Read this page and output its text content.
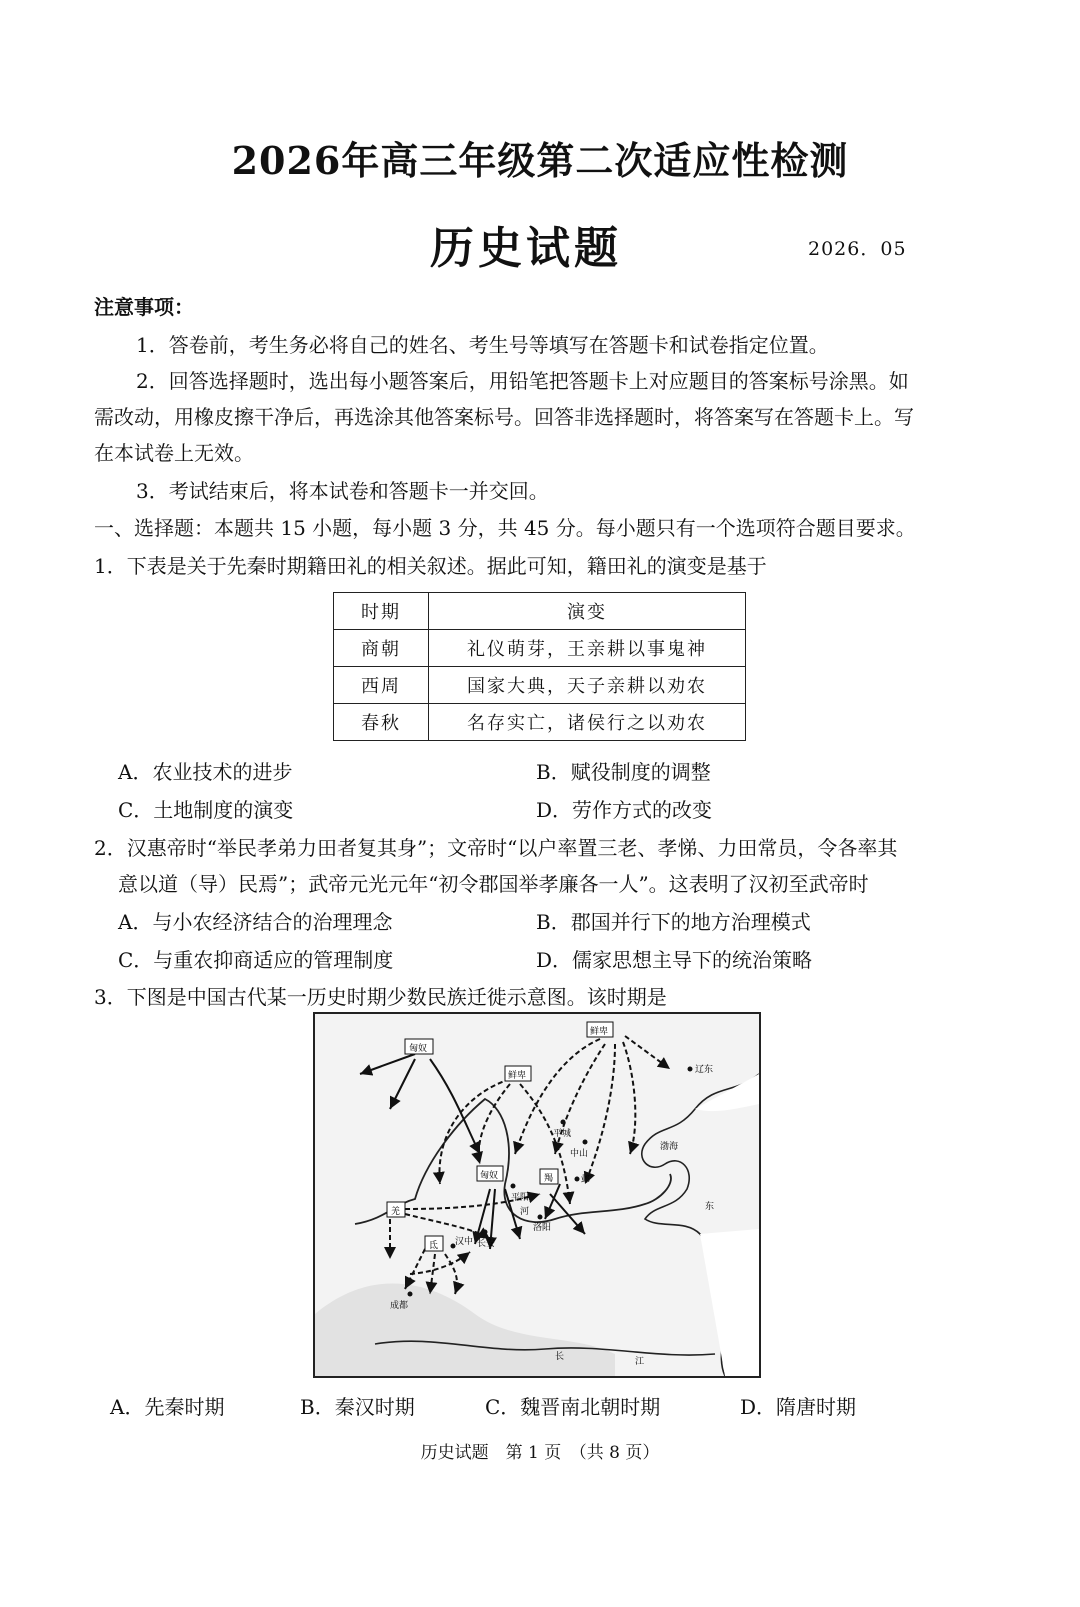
2026年高三年级第二次适应性检测
历史试题	2026．05
注意事项：
1．答卷前，考生务必将自己的姓名、考生号等填写在答题卡和试卷指定位置。
2．回答选择题时，选出每小题答案后，用铅笔把答题卡上对应题目的答案标号涂黑。如
需改动，用橡皮擦干净后，再选涂其他答案标号。回答非选择题时，将答案写在答题卡上。写
在本试卷上无效。
3．考试结束后，将本试卷和答题卡一并交回。
一、选择题：本题共 15 小题，每小题 3 分，共 45 分。每小题只有一个选项符合题目要求。
1．下表是关于先秦时期籍田礼的相关叙述。据此可知，籍田礼的演变是基于
时期	演变
商朝	礼仪萌芽，王亲耕以事鬼神
西周	国家大典，天子亲耕以劝农
春秋	名存实亡，诸侯行之以劝农
A．农业技术的进步	B．赋役制度的调整
C．土地制度的演变	D．劳作方式的改变
2．汉惠帝时“举民孝弟力田者复其身”；文帝时“以户率置三老、孝悌、力田常员，令各率其
意以道（导）民焉”；武帝元光元年“初令郡国举孝廉各一人”。这表明了汉初至武帝时
A．与小农经济结合的治理理念	B．郡国并行下的地方治理模式
C．与重农抑商适应的管理制度	D．儒家思想主导下的统治策略
3．下图是中国古代某一历史时期少数民族迁徙示意图。该时期是
鲜卑
匈奴
鲜卑
匈奴	羯
羌
氐
辽东
平城
中山
渤海
邺
平阳
河
洛阳
长安
汉中
成都
东
长	江
A．先秦时期	B．秦汉时期	C．魏晋南北朝时期	D．隋唐时期
历史试题　第 1 页　（共 8 页）
